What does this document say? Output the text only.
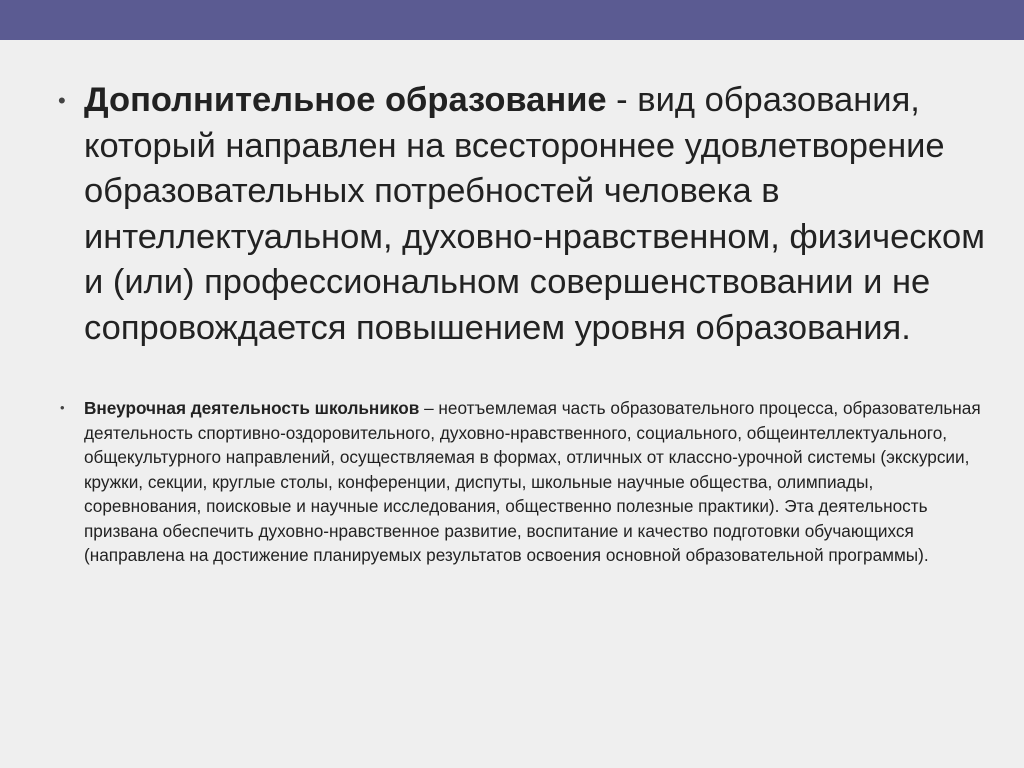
• Дополнительное образование - вид образования, который направлен на всестороннее удовлетворение образовательных потребностей человека в интеллектуальном, духовно-нравственном, физическом и (или) профессиональном совершенствовании и не сопровождается повышением уровня образования.
• Внеурочная деятельность школьников – неотъемлемая часть образовательного процесса, образовательная деятельность спортивно-оздоровительного, духовно-нравственного, социального, общеинтеллектуального, общекультурного направлений, осуществляемая в формах, отличных от классно-урочной системы (экскурсии, кружки, секции, круглые столы, конференции, диспуты, школьные научные общества, олимпиады, соревнования, поисковые и научные исследования, общественно полезные практики). Эта деятельность призвана обеспечить духовно-нравственное развитие, воспитание и качество подготовки обучающихся (направлена на достижение планируемых результатов освоения основной образовательной программы).
